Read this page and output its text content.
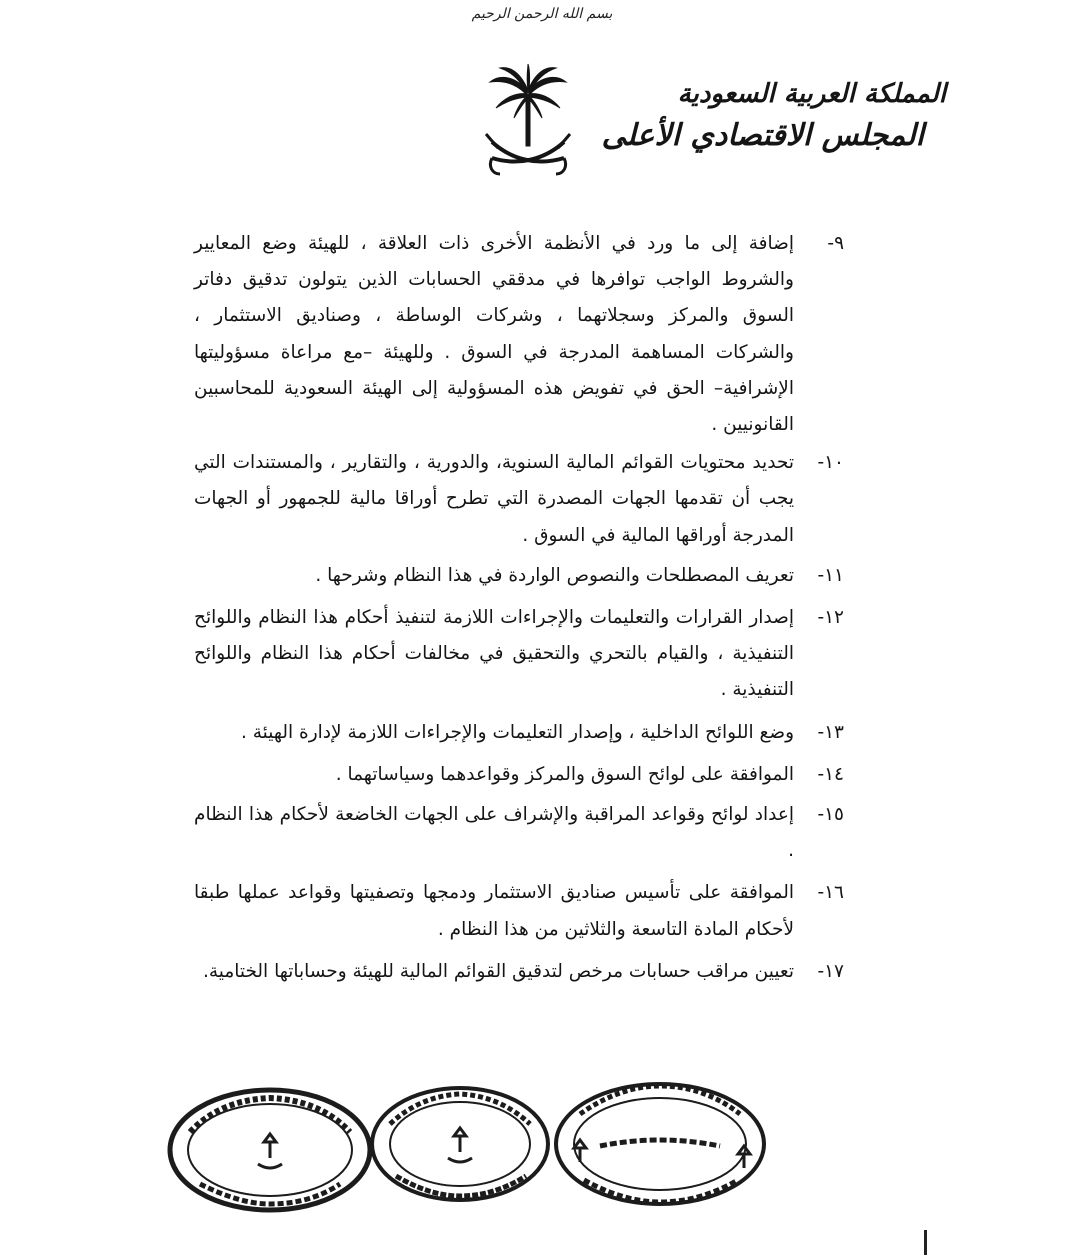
بسم الله الرحمن الرحيم
المملكة العربية السعودية
المجلس الاقتصادي الأعلى
٩-
إضافة إلى ما ورد في الأنظمة الأخرى ذات العلاقة ، للهيئة وضع المعايير والشروط الواجب توافرها في مدققي الحسابات الذين يتولون تدقيق دفاتر السوق والمركز وسجلاتهما ، وشركات الوساطة ، وصناديق الاستثمار ، والشركات المساهمة المدرجة في السوق . وللهيئة –مع مراعاة مسؤوليتها الإشرافية– الحق في تفويض هذه المسؤولية إلى الهيئة السعودية للمحاسبين القانونيين .
١٠-
تحديد محتويات القوائم المالية السنوية، والدورية ، والتقارير ، والمستندات التي يجب أن تقدمها الجهات المصدرة التي تطرح أوراقا مالية للجمهور أو الجهات المدرجة أوراقها المالية في السوق .
١١-
تعريف المصطلحات والنصوص الواردة في هذا النظام وشرحها .
١٢-
إصدار القرارات والتعليمات والإجراءات اللازمة لتنفيذ أحكام هذا النظام واللوائح التنفيذية ، والقيام بالتحري والتحقيق في مخالفات أحكام هذا النظام واللوائح التنفيذية .
١٣-
وضع اللوائح الداخلية ، وإصدار التعليمات والإجراءات اللازمة لإدارة الهيئة .
١٤-
الموافقة على لوائح السوق والمركز وقواعدهما وسياساتهما .
١٥-
إعداد لوائح وقواعد المراقبة والإشراف على الجهات الخاضعة لأحكام هذا النظام .
١٦-
الموافقة على تأسيس صناديق الاستثمار ودمجها وتصفيتها وقواعد عملها طبقا لأحكام المادة التاسعة والثلاثين من هذا النظام .
١٧-
تعيين مراقب حسابات مرخص لتدقيق القوائم المالية للهيئة وحساباتها الختامية.
